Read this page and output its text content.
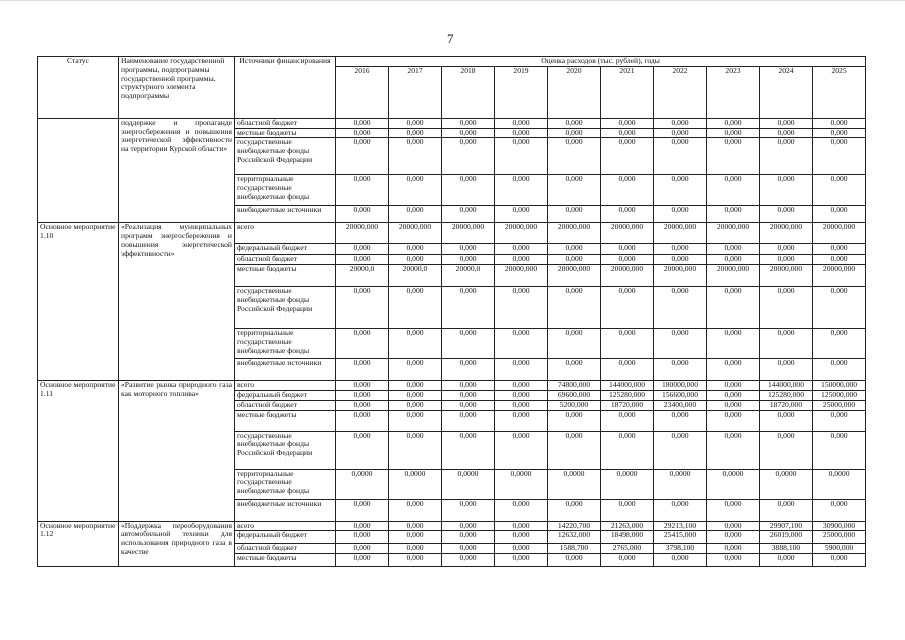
7
Статус	Наименование государственной программы, подпрограммы государственной программы, структурного элемента подпрограммы	Источники финансирования	Оценка расходов (тыс. рублей), годы									
			2016	2017	2018	2019	2020	2021	2022	2023	2024	2025
	поддержке и пропаганде энергосбережения и повышения энергетической эффективности на территории Курской области»	областной бюджет	0,000	0,000	0,000	0,000	0,000	0,000	0,000	0,000	0,000	0,000
		местные бюджеты	0,000	0,000	0,000	0,000	0,000	0,000	0,000	0,000	0,000	0,000
		государственные внебюджетные фонды Российской Федерации	0,000	0,000	0,000	0,000	0,000	0,000	0,000	0,000	0,000	0,000
		территориальные государственные внебюджетные фонды	0,000	0,000	0,000	0,000	0,000	0,000	0,000	0,000	0,000	0,000
		внебюджетные источники	0,000	0,000	0,000	0,000	0,000	0,000	0,000	0,000	0,000	0,000
Основное мероприятие 1.10	«Реализация муниципальных программ энергосбережения и повышения энергетической эффективности»	всего	20000,000	20000,000	20000,000	20000,000	20000,000	20000,000	20000,000	20000,000	20000,000	20000,000
		федеральный бюджет	0,000	0,000	0,000	0,000	0,000	0,000	0,000	0,000	0,000	0,000
		областной бюджет	0,000	0,000	0,000	0,000	0,000	0,000	0,000	0,000	0,000	0,000
		местные бюджеты	20000,0	20000,0	20000,0	20000,000	20000,000	20000,000	20000,000	20000,000	20000,000	20000,000
		государственные внебюджетные фонды Российской Федерации	0,000	0,000	0,000	0,000	0,000	0,000	0,000	0,000	0,000	0,000
		территориальные государственные внебюджетные фонды	0,000	0,000	0,000	0,000	0,000	0,000	0,000	0,000	0,000	0,000
		внебюджетные источники	0,000	0,000	0,000	0,000	0,000	0,000	0,000	0,000	0,000	0,000
Основное мероприятие 1.11	«Развитие рынка природного газа как моторного топлива»	всего	0,000	0,000	0,000	0,000	74800,000	144000,000	180000,000	0,000	144000,000	150000,000
		федеральный бюджет	0,000	0,000	0,000	0,000	69600,000	125280,000	156600,000	0,000	125280,000	125000,000
		областной бюджет	0,000	0,000	0,000	0,000	5200,000	18720,000	23400,000	0,000	18720,000	25000,000
		местные бюджеты	0,000	0,000	0,000	0,000	0,000	0,000	0,000	0,000	0,000	0,000
		государственные внебюджетные фонды Российской Федерации	0,000	0,000	0,000	0,000	0,000	0,000	0,000	0,000	0,000	0,000
		территориальные государственные внебюджетные фонды	0,0000	0,0000	0,0000	0,0000	0,0000	0,0000	0,0000	0,0000	0,0000	0,0000
		внебюджетные источники	0,000	0,000	0,000	0,000	0,000	0,000	0,000	0,000	0,000	0,000
Основное мероприятие 1.12	«Поддержка переоборудования автомобильной техники для использования природного газа в качестве	всего	0,000	0,000	0,000	0,000	14220,700	21263,000	29213,100	0,000	29907,100	30900,000
		федеральный бюджет	0,000	0,000	0,000	0,000	12632,000	18498,000	25415,000	0,000	26019,000	25000,000
		областной бюджет	0,000	0,000	0,000	0,000	1588,700	2765,000	3798,100	0,000	3888,100	5900,000
		местные бюджеты	0,000	0,000	0,000	0,000	0,000	0,000	0,000	0,000	0,000	0,000
